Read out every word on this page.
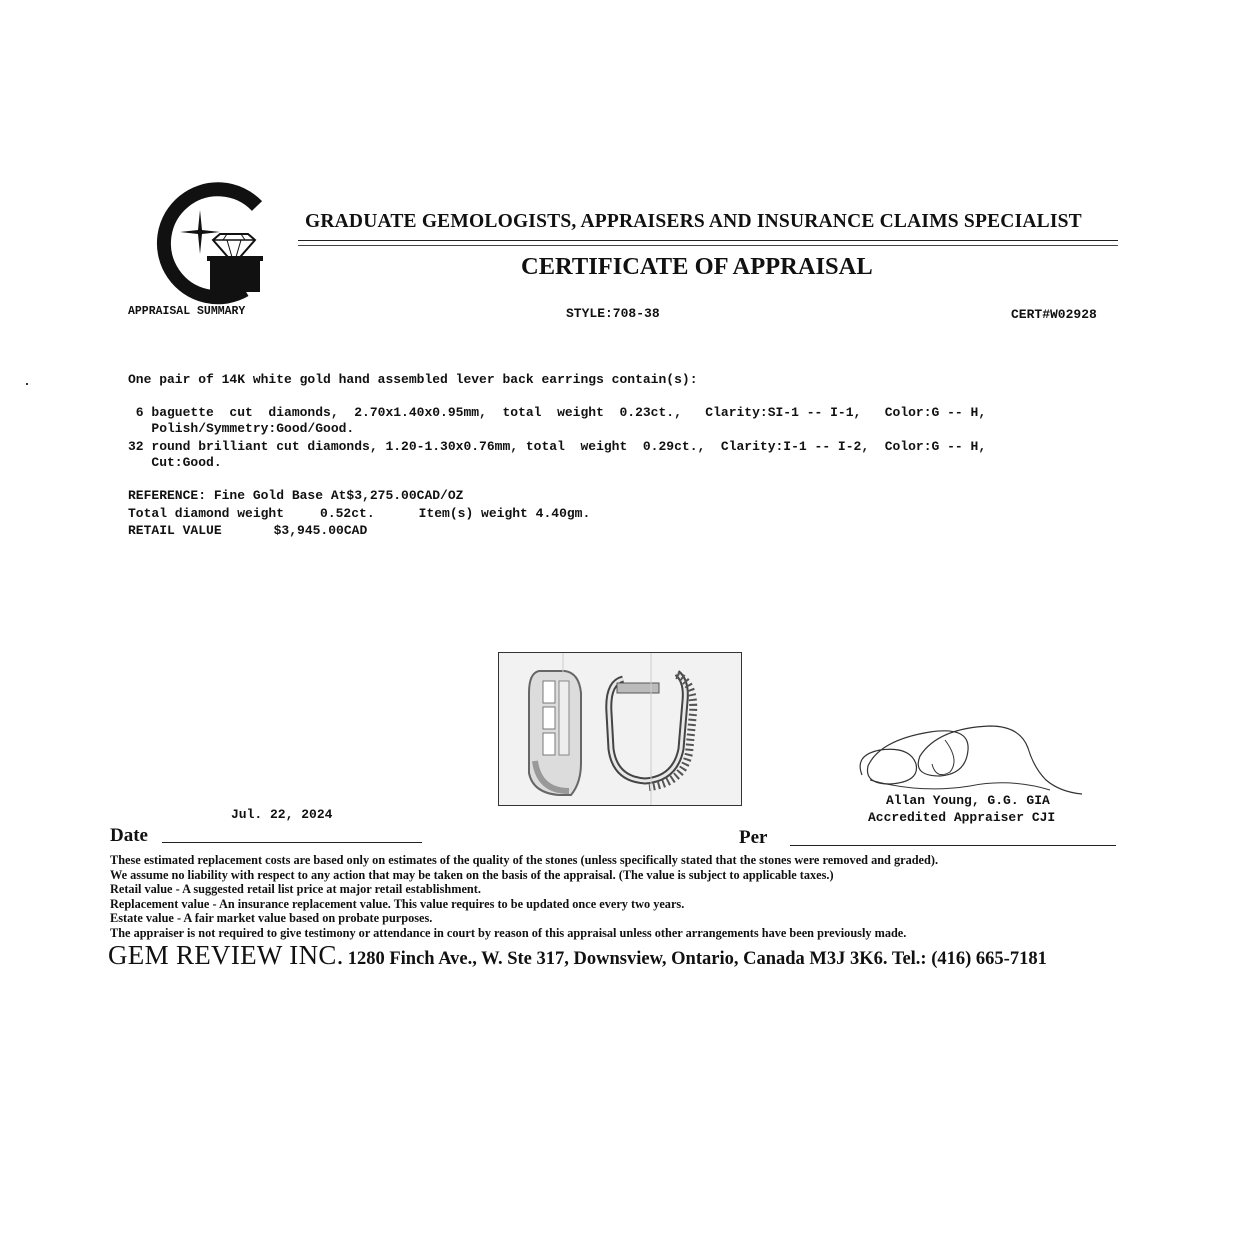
GRADUATE GEMOLOGISTS, APPRAISERS AND INSURANCE CLAIMS SPECIALIST
CERTIFICATE OF APPRAISAL
APPRAISAL SUMMARY	STYLE:708-38	CERT#W02928
One pair of 14K white gold hand assembled lever back earrings contain(s):
6 baguette  cut  diamonds,  2.70x1.40x0.95mm,  total  weight  0.23ct.,   Clarity:SI-1 -- I-1,   Color:G -- H,
Polish/Symmetry:Good/Good.
32 round brilliant cut diamonds, 1.20-1.30x0.76mm, total  weight  0.29ct.,  Clarity:I-1 -- I-2,  Color:G -- H,
Cut:Good.
REFERENCE: Fine Gold Base At$3,275.00CAD/OZ
Total diamond weight	0.52ct.	Item(s) weight 4.40gm.
RETAIL VALUE	$3,945.00CAD
Jul. 22, 2024
Allan Young, G.G. GIA
Accredited Appraiser CJI
Date	Per
These estimated replacement costs are based only on estimates of the quality of the stones (unless specifically stated that the stones were removed and graded).
We assume no liability with respect to any action that may be taken on the basis of the appraisal. (The value is subject to applicable taxes.)
Retail value - A suggested retail list price at major retail establishment.
Replacement value - An insurance replacement value. This value requires to be updated once every two years.
Estate value - A fair market value based on probate purposes.
The appraiser is not required to give testimony or attendance in court by reason of this appraisal unless other arrangements have been previously made.
GEM REVIEW INC. 1280 Finch Ave., W. Ste 317, Downsview, Ontario, Canada M3J 3K6. Tel.: (416) 665-7181
